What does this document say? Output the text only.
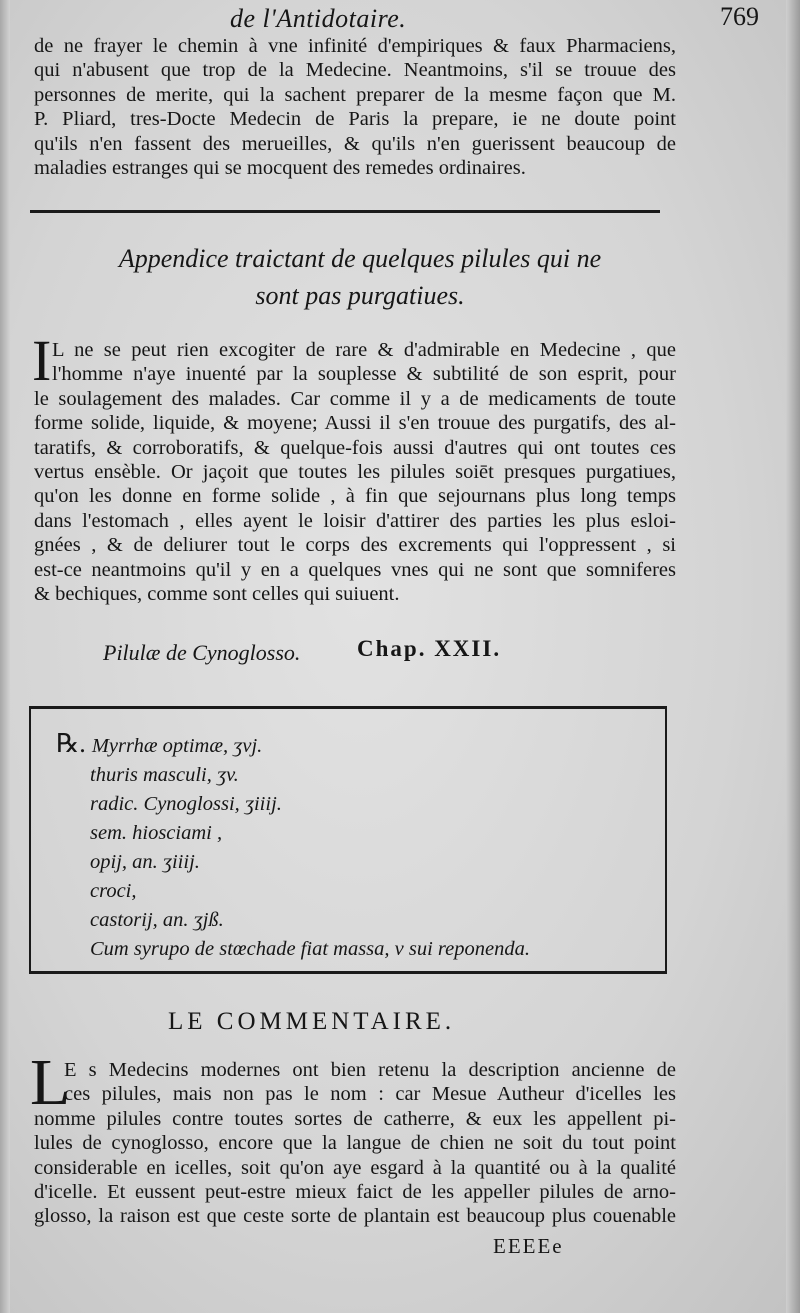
de l'Antidotaire.	769
de ne frayer le chemin à vne infinité d'empiriques & faux Pharmaciens,
qui n'abusent que trop de la Medecine. Neantmoins, s'il se trouue des
personnes de merite, qui la sachent preparer de la mesme façon que M.
P. Pliard, tres-Docte Medecin de Paris la prepare, ie ne doute point
qu'ils n'en fassent des merueilles, & qu'ils n'en guerissent beaucoup de
maladies estranges qui se mocquent des remedes ordinaires.
Appendice traictant de quelques pilules qui ne
sont pas purgatiues.
I L ne se peut rien excogiter de rare & d'admirable en Medecine , que
l'homme n'aye inuenté par la souplesse & subtilité de son esprit, pour
le soulagement des malades. Car comme il y a de medicaments de toute
forme solide, liquide, & moyene; Aussi il s'en trouue des purgatifs, des al-
taratifs, & corroboratifs, & quelque-fois aussi d'autres qui ont toutes ces
vertus ensèble. Or jaçoit que toutes les pilules soiēt presques purgatiues,
qu'on les donne en forme solide , à fin que sejournans plus long temps
dans l'estomach , elles ayent le loisir d'attirer des parties les plus esloi-
gnées , & de deliurer tout le corps des excrements qui l'oppressent , si
est-ce neantmoins qu'il y en a quelques vnes qui ne sont que somniferes
& bechiques, comme sont celles qui suiuent.
Pilulæ de Cynoglosso. Chap. XXII.
℞. Myrrhæ optimæ, ʒvj.
thuris masculi, ʒv.
radic. Cynoglossi, ʒiiij.
sem. hiosciami ,
opij, an. ʒiiij.
croci,
castorij, an. ʒjß.
Cum syrupo de stœchade fiat massa, v sui reponenda.
LE COMMENTAIRE.
L
E s Medecins modernes ont bien retenu la description ancienne de
ces pilules, mais non pas le nom : car Mesue Autheur d'icelles les
nomme pilules contre toutes sortes de catherre, & eux les appellent pi-
lules de cynoglosso, encore que la langue de chien ne soit du tout point
considerable en icelles, soit qu'on aye esgard à la quantité ou à la qualité
d'icelle. Et eussent peut-estre mieux faict de les appeller pilules de arno-
glosso, la raison est que ceste sorte de plantain est beaucoup plus couenable
EEEEe
